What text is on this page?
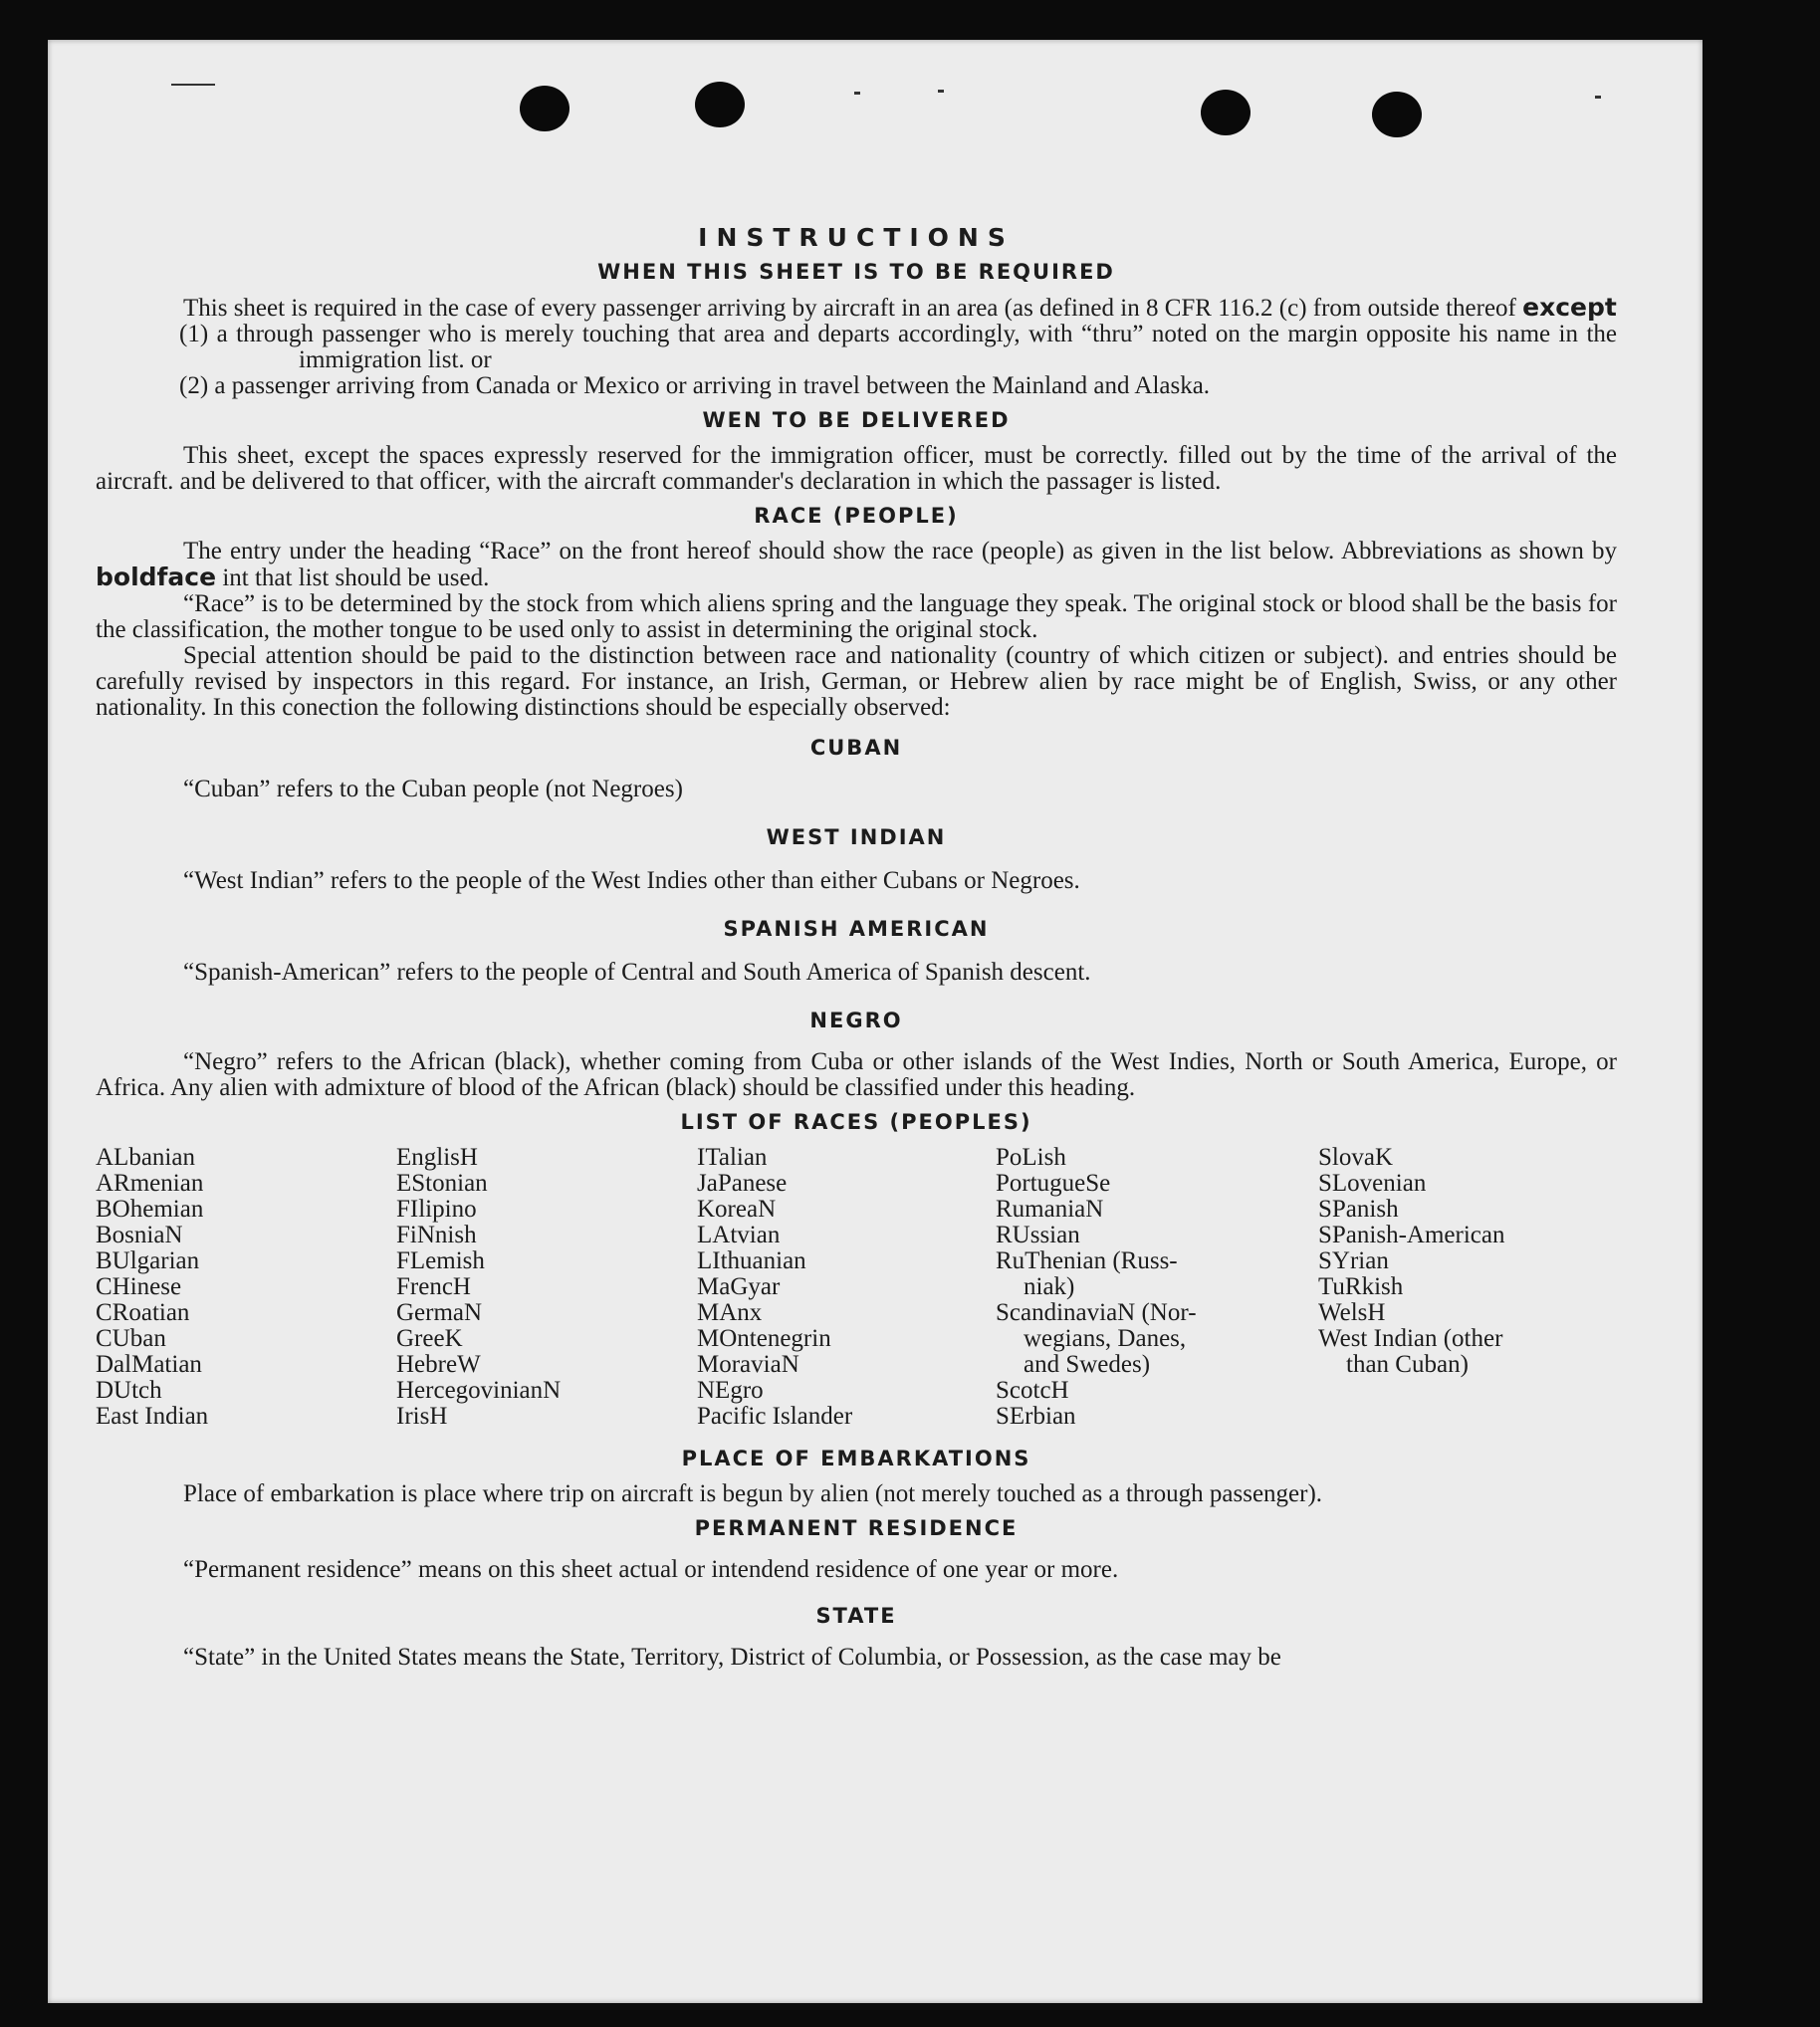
INSTRUCTIONS
WHEN THIS SHEET IS TO BE REQUIRED

This sheet is required in the case of every passenger arriving by aircraft in an area (as defined in 8 CFR 116.2 (c) from outside thereof except

(1) a through passenger who is merely touching that area and departs accordingly, with “thru” noted on the margin opposite his name in the immigration list. or

(2) a passenger arriving from Canada or Mexico or arriving in travel between the Mainland and Alaska.

WEN TO BE DELIVERED

This sheet, except the spaces expressly reserved for the immigration officer, must be correctly. filled out by the time of the arrival of the aircraft. and be delivered to that officer, with the aircraft commander's declaration in which the passager is listed.

RACE (PEOPLE)

The entry under the heading “Race” on the front hereof should show the race (people) as given in the list below. Abbreviations as shown by boldface int that list should be used.

“Race” is to be determined by the stock from which aliens spring and the language they speak. The original stock or blood shall be the basis for the classification, the mother tongue to be used only to assist in determining the original stock.

Special attention should be paid to the distinction between race and nationality (country of which citizen or subject). and entries should be carefully revised by inspectors in this regard. For instance, an Irish, German, or Hebrew alien by race might be of English, Swiss, or any other nationality. In this conection the following distinctions should be especially observed:

CUBAN

“Cuban” refers to the Cuban people (not Negroes)

WEST INDIAN

“West Indian” refers to the people of the West Indies other than either Cubans or Negroes.

SPANISH AMERICAN

“Spanish-American” refers to the people of Central and South America of Spanish descent.

NEGRO

“Negro” refers to the African (black), whether coming from Cuba or other islands of the West Indies, North or South America, Europe, or Africa. Any alien with admixture of blood of the African (black) should be classified under this heading.

LIST OF RACES (PEOPLES)
ALbanian
ARmenian
BOhemian
BosniaN
BUlgarian
CHinese
CRoatian
CUban
DalMatian
DUtch
East Indian
EnglisH
EStonian
FIlipino
FiNnish
FLemish
FrencH
GermaN
GreeK
HebreW
HercegovinianN
IrisH
ITalian
JaPanese
KoreaN
LAtvian
LIthuanian
MaGyar
MAnx
MOntenegrin
MoraviaN
NEgro
Pacific Islander
PoLish
PortugueSe
RumaniaN
RUssian
RuThenian (Russ-
niak)
ScandinaviaN (Nor-
wegians, Danes,
and Swedes)
ScotcH
SErbian
SlovaK
SLovenian
SPanish
SPanish-American
SYrian
TuRkish
WelsH
West Indian (other
than Cuban)
PLACE OF EMBARKATIONS

Place of embarkation is place where trip on aircraft is begun by alien (not merely touched as a through passenger).

PERMANENT RESIDENCE

“Permanent residence” means on this sheet actual or intendend residence of one year or more.

STATE

“State” in the United States means the State, Territory, District of Columbia, or Possession, as the case may be
